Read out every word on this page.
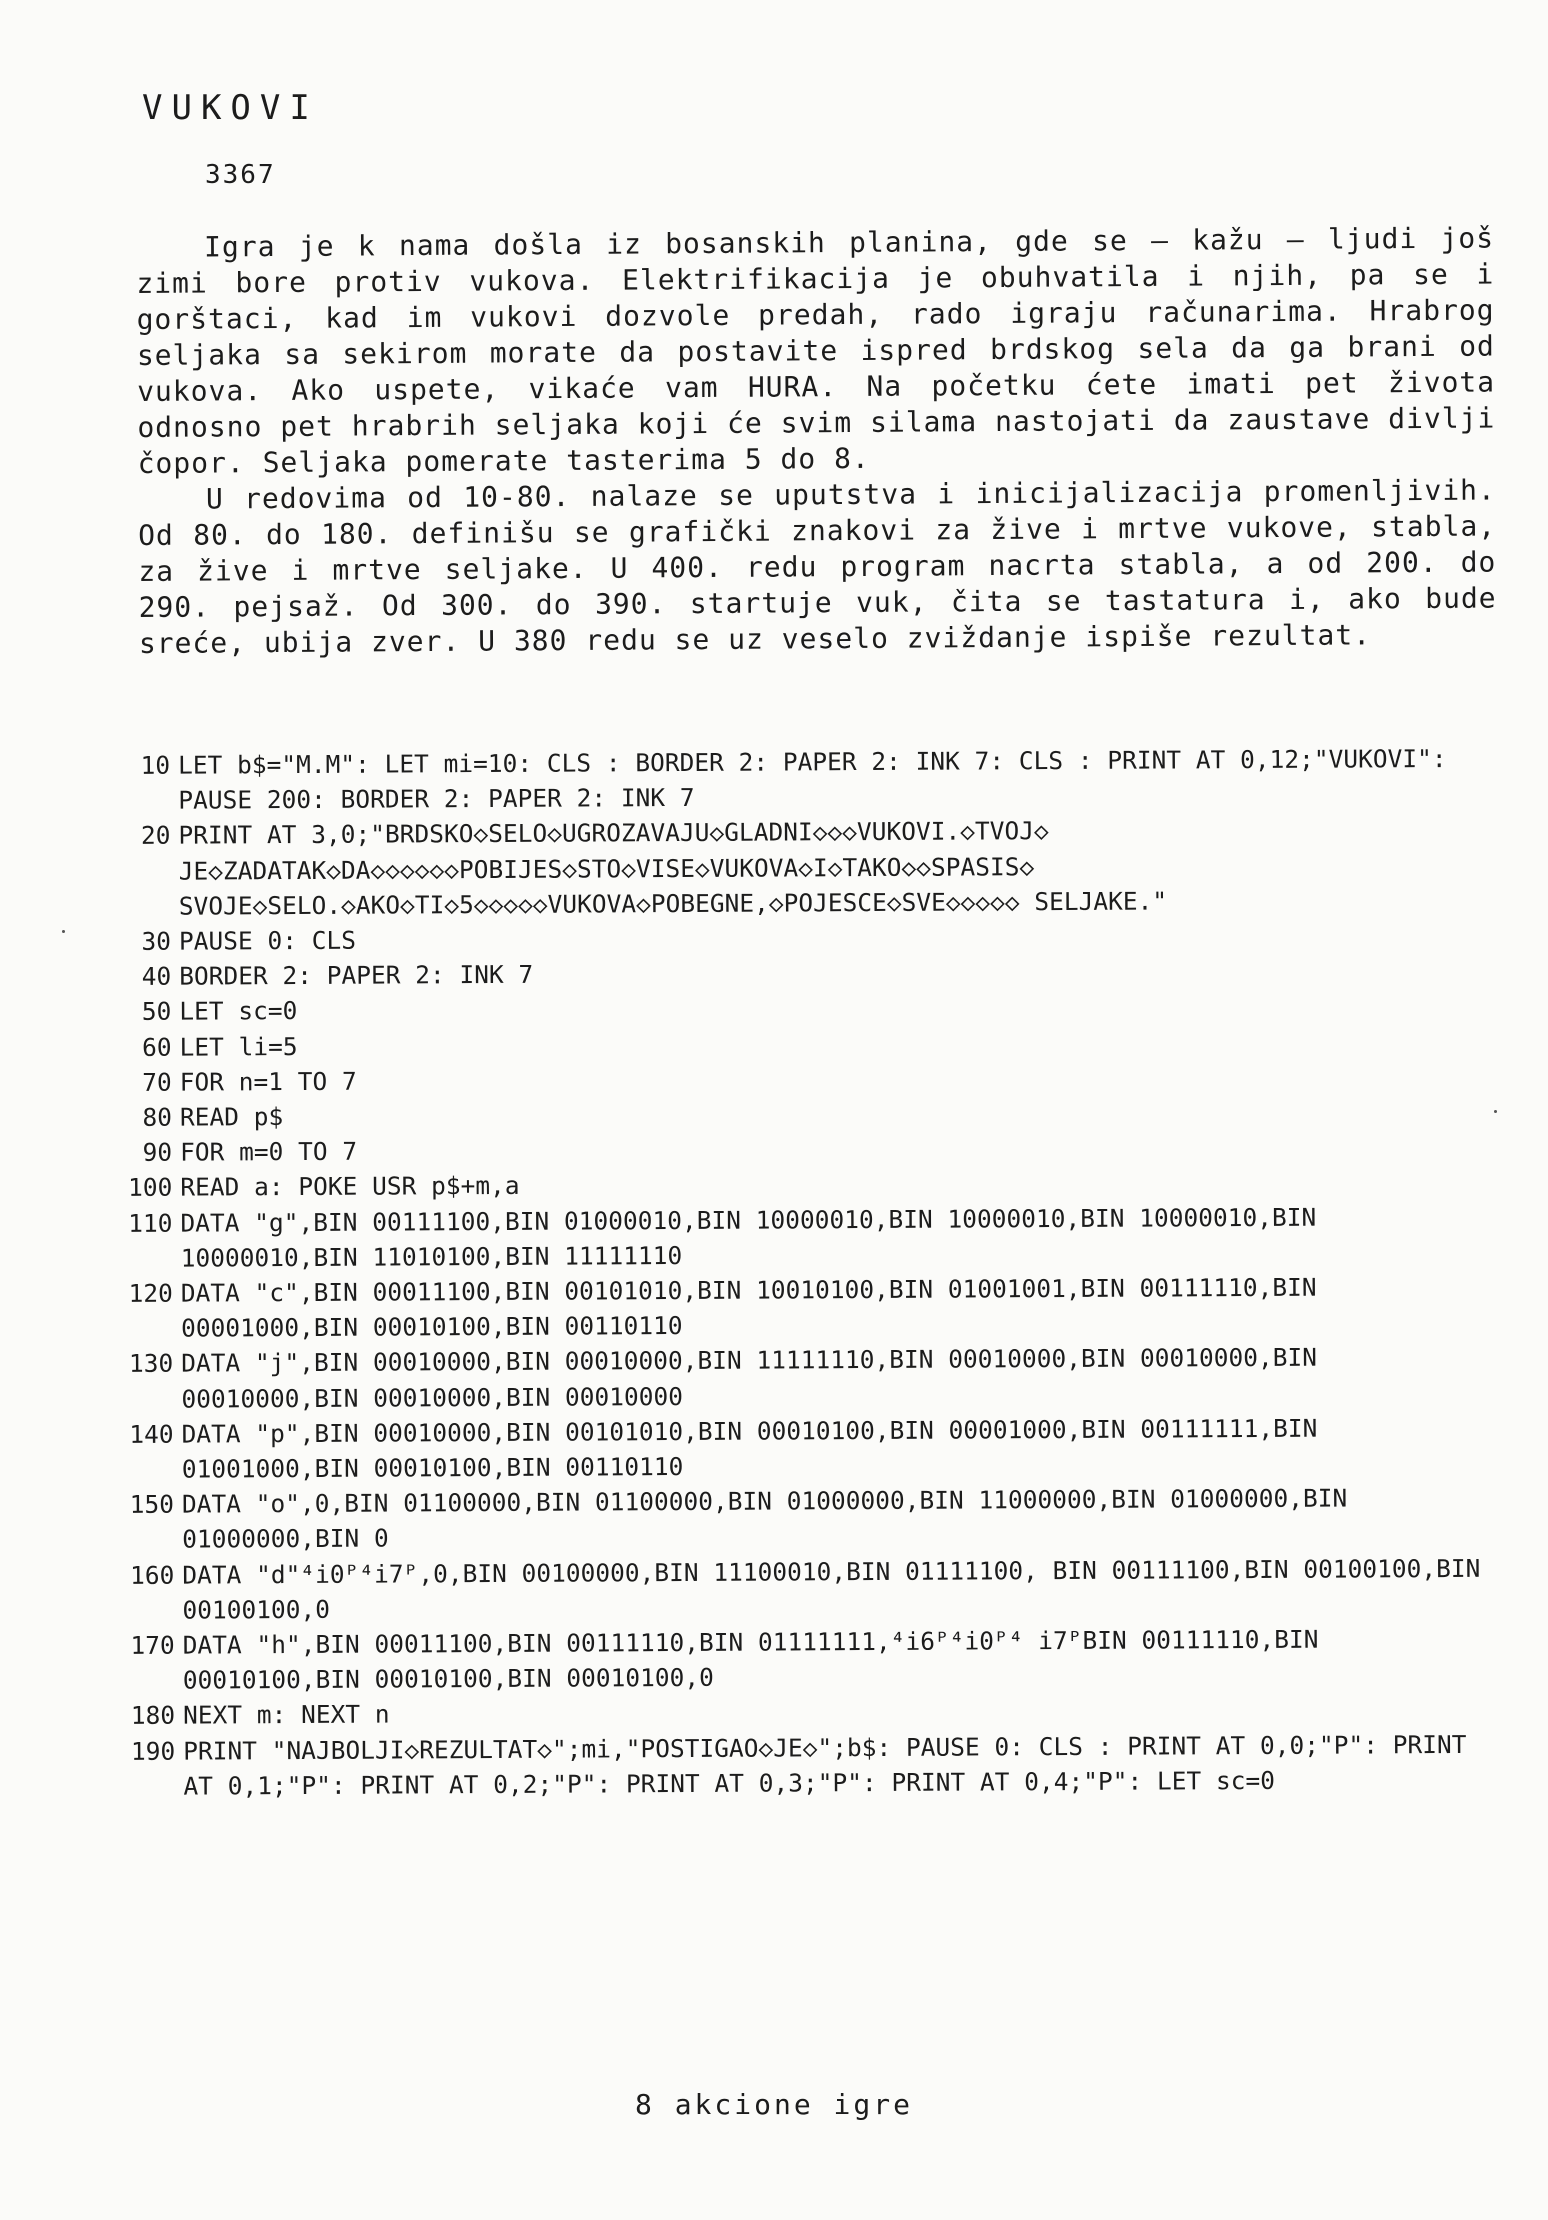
VUKOVI
3367

Igra je k nama došla iz bosanskih planina, gde se – kažu – ljudi još zimi bore protiv vukova. Elektrifikacija je obuhvatila i njih, pa se i gorštaci, kad im vukovi dozvole predah, rado igraju računarima. Hrabrog seljaka sa sekirom morate da postavite ispred brdskog sela da ga brani od vukova. Ako uspete, vikaće vam HURA. Na početku ćete imati pet života odnosno pet hrabrih seljaka koji će svim silama nastojati da zaustave divlji čopor. Seljaka pomerate tasterima 5 do 8.

U redovima od 10-80. nalaze se uputstva i inicijalizacija promenljivih. Od 80. do 180. definišu se grafički znakovi za žive i mrtve vukove, stabla, za žive i mrtve seljake. U 400. redu program nacrta stabla, a od 200. do 290. pejsaž. Od 300. do 390. startuje vuk, čita se tastatura i, ako bude sreće, ubija zver. U 380 redu se uz veselo zviždanje ispiše rezultat.

10 LET b$="M.M": LET mi=10: CLS : BORDER 2: PAPER 2: INK 7: CLS : PRINT AT 0,12;"VUKOVI": PAUSE 200: BORDER 2: PAPER 2: INK 7
20 PRINT AT 3,0;"BRDSKO◇SELO◇UGROZAVAJU◇GLADNI◇◇◇VUKOVI.◇TVOJ◇ JE◇ZADATAK◇DA◇◇◇◇◇◇POBIJES◇STO◇VISE◇VUKOVA◇I◇TAKO◇◇SPASIS◇ SVOJE◇SELO.◇AKO◇TI◇5◇◇◇◇◇VUKOVA◇POBEGNE,◇POJESCE◇SVE◇◇◇◇◇ SELJAKE."
30 PAUSE 0: CLS
40 BORDER 2: PAPER 2: INK 7
50 LET sc=0
60 LET li=5
70 FOR n=1 TO 7
80 READ p$
90 FOR m=0 TO 7
100 READ a: POKE USR p$+m,a
110 DATA "g",BIN 00111100,BIN 01000010,BIN 10000010,BIN 10000010,BIN 10000010,BIN 10000010,BIN 11010100,BIN 11111110
120 DATA "c",BIN 00011100,BIN 00101010,BIN 10010100,BIN 01001001,BIN 00111110,BIN 00001000,BIN 00010100,BIN 00110110
130 DATA "j",BIN 00010000,BIN 00010000,BIN 11111110,BIN 00010000,BIN 00010000,BIN 00010000,BIN 00010000,BIN 00010000
140 DATA "p",BIN 00010000,BIN 00101010,BIN 00010100,BIN 00001000,BIN 00111111,BIN 01001000,BIN 00010100,BIN 00110110
150 DATA "o",0,BIN 01100000,BIN 01100000,BIN 01000000,BIN 11000000,BIN 01000000,BIN 01000000,BIN 0
160 DATA "d"⁴i0ᴾ⁴i7ᴾ,0,BIN 00100000,BIN 11100010,BIN 01111100, BIN 00111100,BIN 00100100,BIN 00100100,0
170 DATA "h",BIN 00011100,BIN 00111110,BIN 01111111,⁴i6ᴾ⁴i0ᴾ⁴ i7ᴾBIN 00111110,BIN 00010100,BIN 00010100,BIN 00010100,0
180 NEXT m: NEXT n
190 PRINT "NAJBOLJI◇REZULTAT◇";mi,"POSTIGAO◇JE◇";b$: PAUSE 0: CLS : PRINT AT 0,0;"P": PRINT AT 0,1;"P": PRINT AT 0,2;"P": PRINT AT 0,3;"P": PRINT AT 0,4;"P": LET sc=0
8 akcione igre
